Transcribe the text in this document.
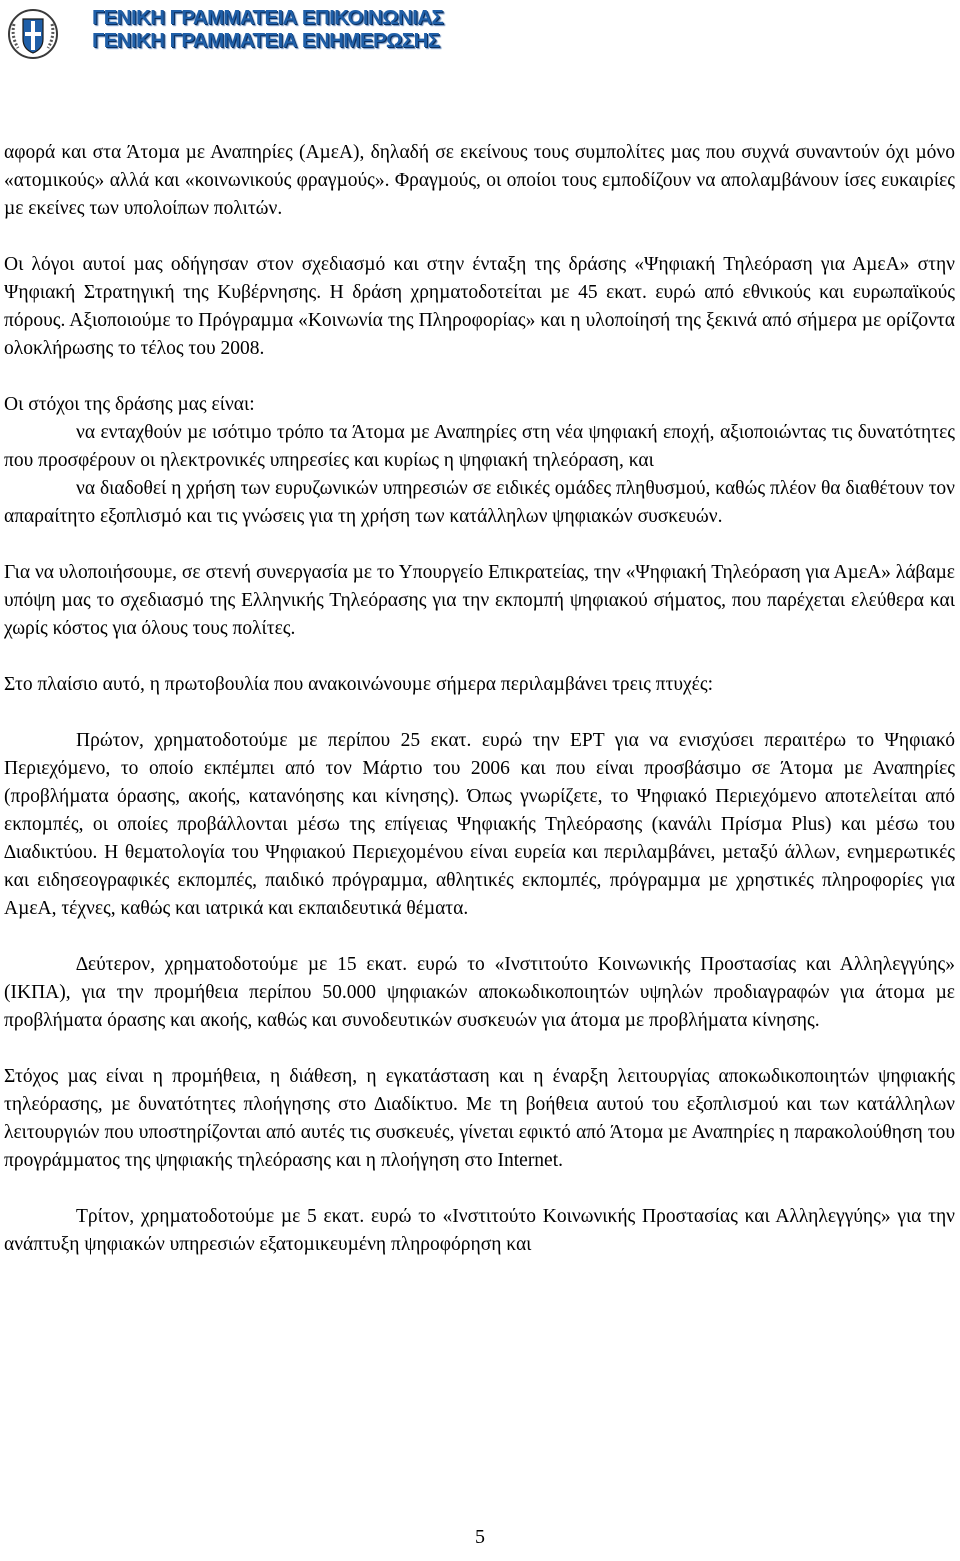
ΓΕΝΙΚΗ ΓΡΑΜΜΑΤΕΙΑ ΕΠΙΚΟΙΝΩΝΙΑΣ
ΓΕΝΙΚΗ ΓΡΑΜΜΑΤΕΙΑ ΕΝΗΜΕΡΩΣΗΣ

αφορά και στα Άτοµα µε Αναπηρίες (ΑµεΑ), δηλαδή σε εκείνους τους συµπολίτες µας που συχνά συναντούν όχι µόνο «ατοµικούς» αλλά και «κοινωνικούς φραγµούς». Φραγµούς, οι οποίοι τους εµποδίζουν να απολαµβάνουν ίσες ευκαιρίες µε εκείνες των υπολοίπων πολιτών.

Οι λόγοι αυτοί µας οδήγησαν στον σχεδιασµό και στην ένταξη της δράσης «Ψηφιακή Τηλεόραση για ΑµεΑ» στην Ψηφιακή Στρατηγική της Κυβέρνησης. Η δράση χρηµατοδοτείται µε 45 εκατ. ευρώ από εθνικούς και ευρωπαϊκούς πόρους. Αξιοποιούµε το Πρόγραµµα «Κοινωνία της Πληροφορίας» και η υλοποίησή της ξεκινά από σήµερα µε ορίζοντα ολοκλήρωσης το τέλος του 2008.

Οι στόχοι της δράσης µας είναι:

να ενταχθούν µε ισότιµο τρόπο τα Άτοµα µε Αναπηρίες στη νέα ψηφιακή εποχή, αξιοποιώντας τις δυνατότητες που προσφέρουν οι ηλεκτρονικές υπηρεσίες και κυρίως η ψηφιακή τηλεόραση, και

να διαδοθεί η χρήση των ευρυζωνικών υπηρεσιών σε ειδικές οµάδες πληθυσµού, καθώς πλέον θα διαθέτουν τον απαραίτητο εξοπλισµό και τις γνώσεις για τη χρήση των κατάλληλων ψηφιακών συσκευών.

Για να υλοποιήσουµε, σε στενή συνεργασία µε το Υπουργείο Επικρατείας, την «Ψηφιακή Τηλεόραση για ΑµεΑ» λάβαµε υπόψη µας το σχεδιασµό της Ελληνικής Τηλεόρασης για την εκποµπή ψηφιακού σήµατος, που παρέχεται ελεύθερα και χωρίς κόστος για όλους τους πολίτες.

Στο πλαίσιο αυτό, η πρωτοβουλία που ανακοινώνουµε σήµερα περιλαµβάνει τρεις πτυχές:

Πρώτον, χρηµατοδοτούµε µε περίπου 25 εκατ. ευρώ την ΕΡΤ για να ενισχύσει περαιτέρω το Ψηφιακό Περιεχόµενο, το οποίο εκπέµπει από τον Μάρτιο του 2006 και που είναι προσβάσιµο σε Άτοµα µε Αναπηρίες (προβλήµατα όρασης, ακοής, κατανόησης και κίνησης). Όπως γνωρίζετε, το Ψηφιακό Περιεχόµενο αποτελείται από εκποµπές, οι οποίες προβάλλονται µέσω της επίγειας Ψηφιακής Τηλεόρασης (κανάλι Πρίσµα Plus) και µέσω του ∆ιαδικτύου. Η θεµατολογία του Ψηφιακού Περιεχοµένου είναι ευρεία και περιλαµβάνει, µεταξύ άλλων, ενηµερωτικές και ειδησεογραφικές εκποµπές, παιδικό πρόγραµµα, αθλητικές εκποµπές, πρόγραµµα µε χρηστικές πληροφορίες για ΑµεΑ, τέχνες, καθώς και ιατρικά και εκπαιδευτικά θέµατα.

∆εύτερον, χρηµατοδοτούµε µε 15 εκατ. ευρώ το «Ινστιτούτο Κοινωνικής Προστασίας και Αλληλεγγύης» (ΙΚΠΑ), για την προµήθεια περίπου 50.000 ψηφιακών αποκωδικοποιητών υψηλών προδιαγραφών για άτοµα µε προβλήµατα όρασης και ακοής, καθώς και συνοδευτικών συσκευών για άτοµα µε προβλήµατα κίνησης.

Στόχος µας είναι η προµήθεια, η διάθεση, η εγκατάσταση και η έναρξη λειτουργίας αποκωδικοποιητών ψηφιακής τηλεόρασης, µε δυνατότητες πλοήγησης στο ∆ιαδίκτυο. Με τη βοήθεια αυτού του εξοπλισµού και των κατάλληλων λειτουργιών που υποστηρίζονται από αυτές τις συσκευές, γίνεται εφικτό από Άτοµα µε Αναπηρίες η παρακολούθηση του προγράµµατος της ψηφιακής τηλεόρασης και η πλοήγηση στο Internet.

Τρίτον, χρηµατοδοτούµε µε 5 εκατ. ευρώ το «Ινστιτούτο Κοινωνικής Προστασίας και Αλληλεγγύης» για την ανάπτυξη ψηφιακών υπηρεσιών εξατοµικευµένη πληροφόρηση και

5
